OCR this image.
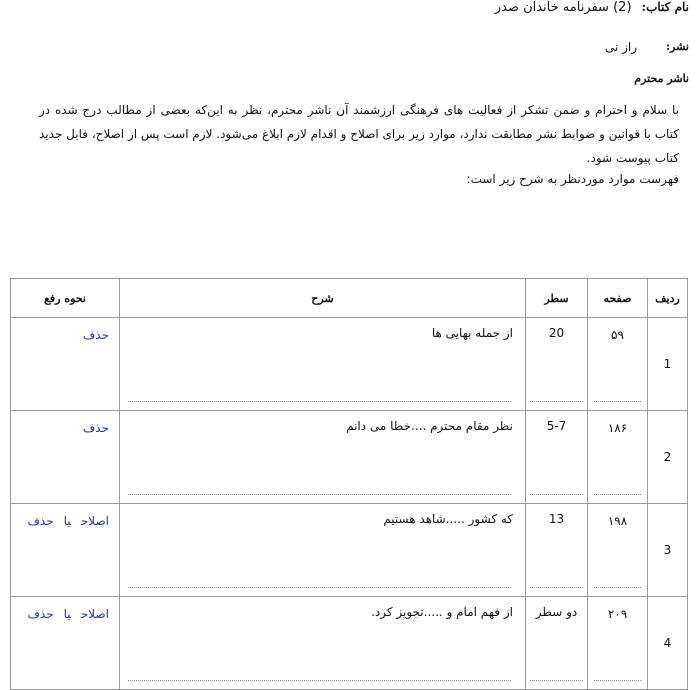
نام کتاب: (2) سفرنامه خاندان صدر
نشر:
راز نی
ناشر محترم
با سلام و احترام و ضمن تشکر از فعالیت های فرهنگی ارزشمند آن ناشر محترم، نظر به این‌که بعضی از مطالب درج شده در کتاب با قوانین و ضوابط نشر مطابقت ندارد، موارد زیر برای اصلاح و اقدام لازم ابلاغ می‌شود. لازم است پس از اصلاح، فایل جدید کتاب پیوست شود.
فهرست موارد موردنظر به شرح زیر است:
ردیف	صفحه	سطر	شرح	نحوه رفع
1	۵۹	20	از جمله بهایی ها	حذف
2	۱۸۶	5-7	نظر مقام محترم ....خطا می دانم	حذف
3	۱۹۸	13	که کشور .....شاهد هستیم	اصلاحیاحذف
4	۲۰۹	دو سطر	از فهم امام و .....تجویز کرد.	اصلاحیاحذف
